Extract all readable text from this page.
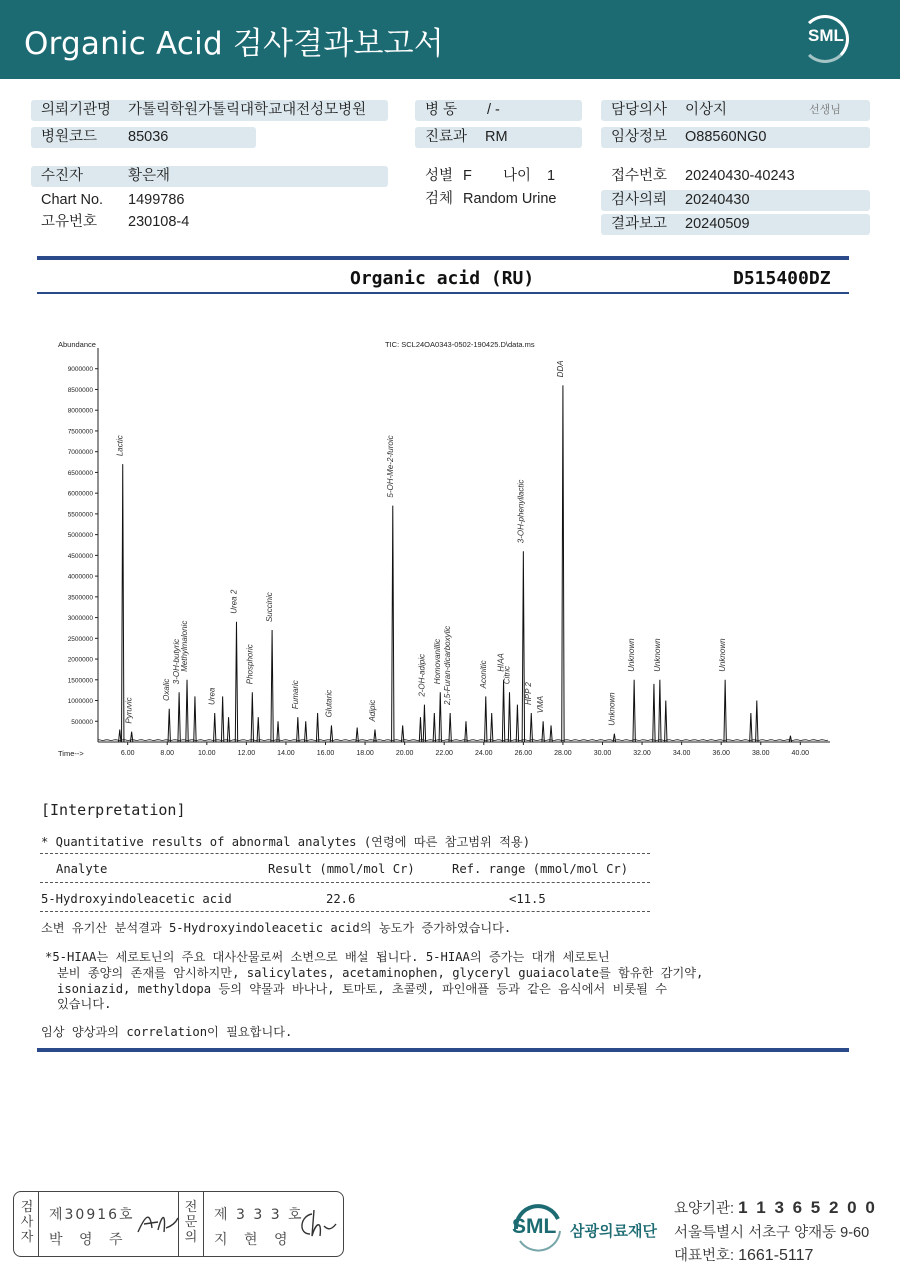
Organic Acid 검사결과보고서	SML
의뢰기관명 가톨릭학원가톨릭대학교대전성모병원
병원코드 85036
수진자	황은재
Chart No. 1499786
고유번호 230108-4
병 동 / -
진료과 RM
성별 F 나이 1
검체 Random Urine
담당의사 이상지	선생님
임상정보 O88560NG0
접수번호 20240430-40243
검사의뢰 20240430
결과보고 20240509
Organic acid (RU)	D515400DZ
TIC: SCL24OA0343-0502-190425.D\data.ms
Abundance
Time-->	6.00	8.00	10.00	12.00	14.00	16.00	18.00	20.00	22.00	24.00	26.00	28.00	30.00	32.00	34.00	36.00	38.00	40.00
500000
1000000
1500000
2000000
2500000
3000000
3500000
4000000
4500000
5000000
5500000
6000000
6500000
7000000
7500000
8000000
8500000
9000000
Lactic
Pyruvic
Oxalic
3-OH-butyric
Methylmalonic
Urea
Urea 2
Phosphoric
Succinic
Fumaric	Glutaric	Adipic
5-OH-Me-2-furoic
2-OH-adipic Homovanillic 2,5-Furan-dicarboxylic	Aconitic HIAA
Citric
3-OH-phenyllactic
HPP 2 VMA
DDA
Unknown
Unknown Unknown	Unknown
[Interpretation]
* Quantitative results of abnormal analytes (연령에 따른 참고범위 적용)
Analyte	Result (mmol/mol Cr)	Ref. range (mmol/mol Cr)
5-Hydroxyindoleacetic acid	22.6	<11.5
소변 유기산 분석결과 5-Hydroxyindoleacetic acid의 농도가 증가하였습니다.
*5-HIAA는 세로토닌의 주요 대사산물로써 소변으로 배설 됩니다. 5-HIAA의 증가는 대개 세로토닌
분비 종양의 존재를 암시하지만, salicylates, acetaminophen, glyceryl guaiacolate를 함유한 감기약,
isoniazid, methyldopa 등의 약물과 바나나, 토마토, 초콜렛, 파인애플 등과 같은 음식에서 비롯될 수
있습니다.
임상 양상과의 correlation이 필요합니다.
검사자
제30916호
박 영 주
전문의
제 3 3 3 호
지 현 영
SML 삼광의료재단
요양기관: 1 1 3 6 5 2 0 0
서울특별시 서초구 양재동 9-60
대표번호: 1661-5117
